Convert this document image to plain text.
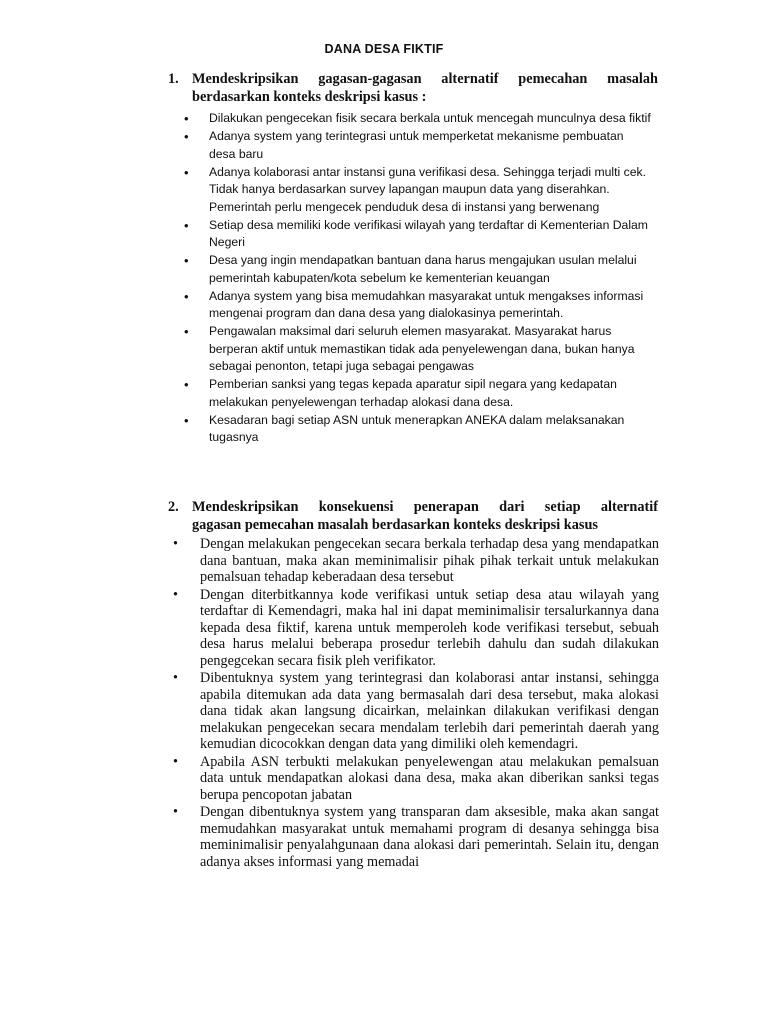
DANA DESA FIKTIF
1. Mendeskripsikan gagasan-gagasan alternatif pemecahan masalah
berdasarkan konteks deskripsi kasus :
•	Dilakukan pengecekan fisik secara berkala untuk mencegah munculnya desa fiktif
•	Adanya system yang terintegrasi untuk memperketat mekanisme pembuatan desa baru
•	Adanya kolaborasi antar instansi guna verifikasi desa. Sehingga terjadi multi cek. Tidak hanya berdasarkan survey lapangan maupun data yang diserahkan. Pemerintah perlu mengecek penduduk desa di instansi yang berwenang
•	Setiap desa memiliki kode verifikasi wilayah yang terdaftar di Kementerian Dalam Negeri
•	Desa yang ingin mendapatkan bantuan dana harus mengajukan usulan melalui pemerintah kabupaten/kota sebelum ke kementerian keuangan
•	Adanya system yang bisa memudahkan masyarakat untuk mengakses informasi mengenai program dan dana desa yang dialokasinya pemerintah.
•	Pengawalan maksimal dari seluruh elemen masyarakat. Masyarakat harus berperan aktif untuk memastikan tidak ada penyelewengan dana, bukan hanya sebagai penonton, tetapi juga sebagai pengawas
•	Pemberian sanksi yang tegas kepada aparatur sipil negara yang kedapatan melakukan penyelewengan terhadap alokasi dana desa.
•	Kesadaran bagi setiap ASN untuk menerapkan ANEKA dalam melaksanakan tugasnya
2. Mendeskripsikan konsekuensi penerapan dari setiap alternatif
gagasan pemecahan masalah berdasarkan konteks deskripsi kasus
•	Dengan melakukan pengecekan secara berkala terhadap desa yang mendapatkan dana bantuan, maka akan meminimalisir pihak pihak terkait untuk melakukan pemalsuan tehadap keberadaan desa tersebut
•	Dengan diterbitkannya kode verifikasi untuk setiap desa atau wilayah yang terdaftar di Kemendagri, maka hal ini dapat meminimalisir tersalurkannya dana kepada desa fiktif, karena untuk memperoleh kode verifikasi tersebut, sebuah desa harus melalui beberapa prosedur terlebih dahulu dan sudah dilakukan pengegcekan secara fisik pleh verifikator.
•	Dibentuknya system yang terintegrasi dan kolaborasi antar instansi, sehingga apabila ditemukan ada data yang bermasalah dari desa tersebut, maka alokasi dana tidak akan langsung dicairkan, melainkan dilakukan verifikasi dengan melakukan pengecekan secara mendalam terlebih dari pemerintah daerah yang kemudian dicocokkan dengan data yang dimiliki oleh kemendagri.
•	Apabila ASN terbukti melakukan penyelewengan atau melakukan pemalsuan data untuk mendapatkan alokasi dana desa, maka akan diberikan sanksi tegas berupa pencopotan jabatan
•	Dengan dibentuknya system yang transparan dam aksesible, maka akan sangat memudahkan masyarakat untuk memahami program di desanya sehingga bisa meminimalisir penyalahgunaan dana alokasi dari pemerintah. Selain itu, dengan adanya akses informasi yang memadai
